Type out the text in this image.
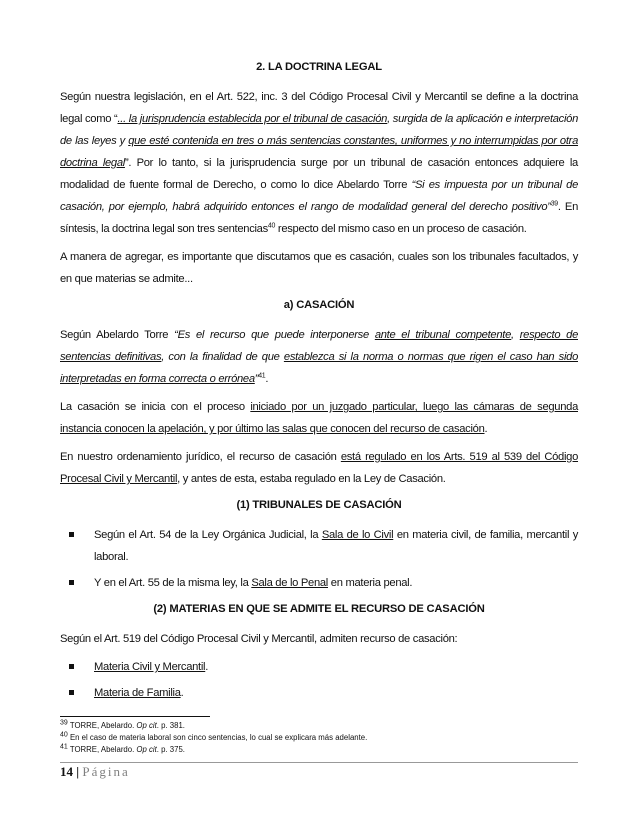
2. LA DOCTRINA LEGAL

Según nuestra legislación, en el Art. 522, inc. 3 del Código Procesal Civil y Mercantil se define a la doctrina legal como “... la jurisprudencia establecida por el tribunal de casación, surgida de la aplicación e interpretación de las leyes y que esté contenida en tres o más sentencias constantes, uniformes y no interrumpidas por otra doctrina legal”. Por lo tanto, si la jurisprudencia surge por un tribunal de casación entonces adquiere la modalidad de fuente formal de Derecho, o como lo dice Abelardo Torre “Si es impuesta por un tribunal de casación, por ejemplo, habrá adquirido entonces el rango de modalidad general del derecho positivo”$^{39}$. En síntesis, la doctrina legal son tres sentencias$^{40}$ respecto del mismo caso en un proceso de casación.

A manera de agregar, es importante que discutamos que es casación, cuales son los tribunales facultados, y en que materias se admite...

a) CASACIÓN

Según Abelardo Torre “Es el recurso que puede interponerse ante el tribunal competente, respecto de sentencias definitivas, con la finalidad de que establezca si la norma o normas que rigen el caso han sido interpretadas en forma correcta o errónea”$^{41}$.

La casación se inicia con el proceso iniciado por un juzgado particular, luego las cámaras de segunda instancia conocen la apelación, y por último las salas que conocen del recurso de casación.

En nuestro ordenamiento jurídico, el recurso de casación está regulado en los Arts. 519 al 539 del Código Procesal Civil y Mercantil, y antes de esta, estaba regulado en la Ley de Casación.

(1) TRIBUNALES DE CASACIÓN
Según el Art. 54 de la Ley Orgánica Judicial, la Sala de lo Civil en materia civil, de familia, mercantil y laboral.
Y en el Art. 55 de la misma ley, la Sala de lo Penal en materia penal.
(2) MATERIAS EN QUE SE ADMITE EL RECURSO DE CASACIÓN

Según el Art. 519 del Código Procesal Civil y Mercantil, admiten recurso de casación:

Materia Civil y Mercantil.
Materia de Familia.
$^{39}$ TORRE, Abelardo. Op cit. p. 381.
$^{40}$ En el caso de materia laboral son cinco sentencias, lo cual se explicara más adelante.
$^{41}$ TORRE, Abelardo. Op cit. p. 375.
14 | Página
